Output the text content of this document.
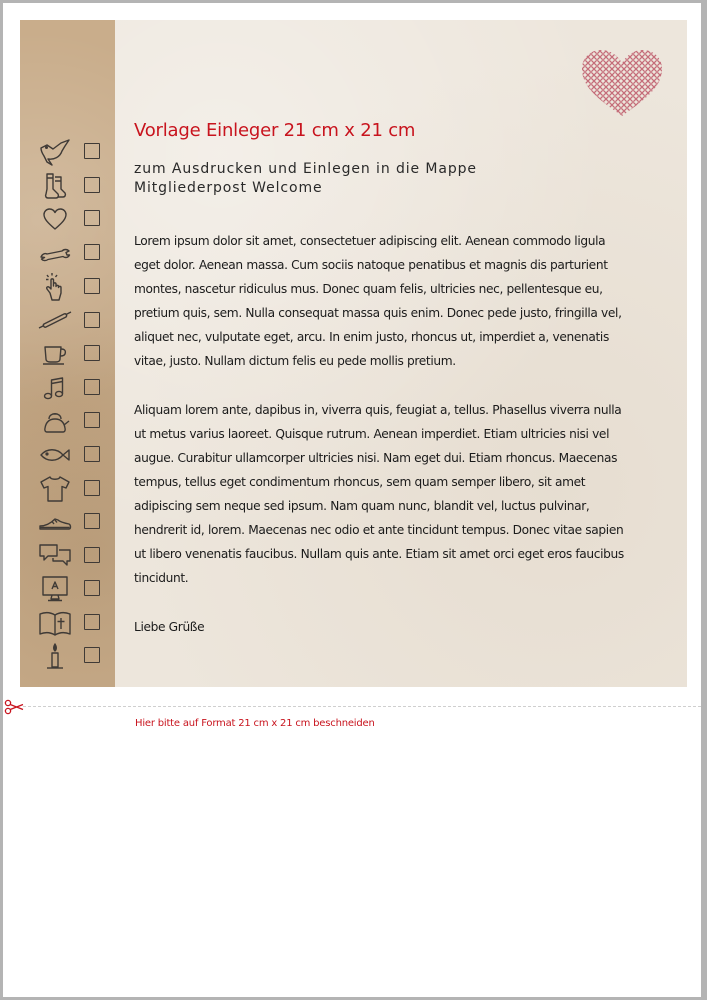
Vorlage Einleger 21 cm x 21 cm
zum Ausdrucken und Einlegen in die Mappe
Mitgliederpost Welcome

Lorem ipsum dolor sit amet, consectetuer adipiscing elit. Aenean commodo ligula eget dolor. Aenean massa. Cum sociis natoque penatibus et magnis dis parturient montes, nascetur ridiculus mus. Donec quam felis, ultricies nec, pellentesque eu, pretium quis, sem. Nulla consequat massa quis enim. Donec pede justo, fringilla vel, aliquet nec, vulputate eget, arcu. In enim justo, rhoncus ut, imperdiet a, venenatis vitae, justo. Nullam dictum felis eu pede mollis pretium.

Aliquam lorem ante, dapibus in, viverra quis, feugiat a, tellus. Phasellus viverra nulla ut metus varius laoreet. Quisque rutrum. Aenean imperdiet. Etiam ultricies nisi vel augue. Curabitur ullamcorper ultricies nisi. Nam eget dui. Etiam rhoncus. Maecenas tempus, tellus eget condimentum rhoncus, sem quam semper libero, sit amet adipiscing sem neque sed ipsum. Nam quam nunc, blandit vel, luctus pulvinar, hendrerit id, lorem. Maecenas nec odio et ante tincidunt tempus. Donec vitae sapien ut libero venenatis faucibus. Nullam quis ante. Etiam sit amet orci eget eros faucibus tincidunt.

Liebe Grüße

Hier bitte auf Format 21 cm x 21 cm beschneiden
